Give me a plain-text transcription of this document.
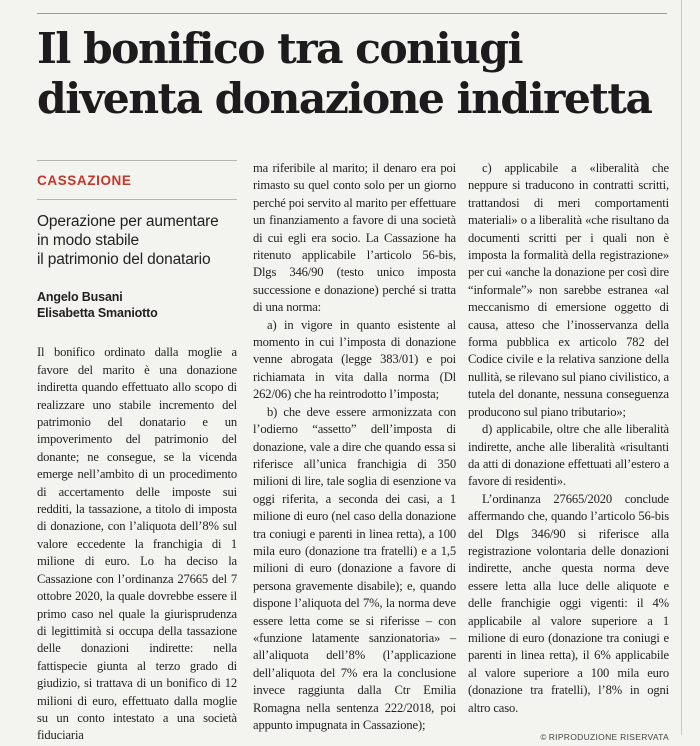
Il bonifico tra coniugi
diventa donazione indiretta
CASSAZIONE
Operazione per aumentare
in modo stabile
il patrimonio del donatario
Angelo Busani
Elisabetta Smaniotto

Il bonifico ordinato dalla moglie a favore del marito è una donazione indiretta quando effettuato allo scopo di realizzare uno stabile incremento del patrimonio del donatario e un impoverimento del patrimonio del donante; ne consegue, se la vicenda emerge nell’ambito di un procedimento di accertamento delle imposte sui redditi, la tassazione, a titolo di imposta di donazione, con l’aliquota dell’8% sul valore eccedente la franchigia di 1 milione di euro. Lo ha deciso la Cassazione con l’ordinanza 27665 del 7 ottobre 2020, la quale dovrebbe essere il primo caso nel quale la giurisprudenza di legittimità si occupa della tassazione delle donazioni indirette: nella fattispecie giunta al terzo grado di giudizio, si trattava di un bonifico di 12 milioni di euro, effettuato dalla moglie su un conto intestato a una società fiduciaria

ma riferibile al marito; il denaro era poi rimasto su quel conto solo per un giorno perché poi servito al marito per effettuare un finanziamento a favore di una società di cui egli era socio. La Cassazione ha ritenuto applicabile l’articolo 56-bis, Dlgs 346/90 (testo unico imposta successione e donazione) perché si tratta di una norma:

a) in vigore in quanto esistente al momento in cui l’imposta di donazione venne abrogata (legge 383/01) e poi richiamata in vita dalla norma (Dl 262/06) che ha reintrodotto l’imposta;

b) che deve essere armonizzata con l’odierno “assetto” dell’imposta di donazione, vale a dire che quando essa si riferisce all’unica franchigia di 350 milioni di lire, tale soglia di esenzione va oggi riferita, a seconda dei casi, a 1 milione di euro (nel caso della donazione tra coniugi e parenti in linea retta), a 100 mila euro (donazione tra fratelli) e a 1,5 milioni di euro (donazione a favore di persona gravemente disabile); e, quando dispone l’aliquota del 7%, la norma deve essere letta come se si riferisse – con «funzione latamente sanzionatoria» – all’aliquota dell’8% (l’applicazione dell’aliquota del 7% era la conclusione invece raggiunta dalla Ctr Emilia Romagna nella sentenza 222/2018, poi appunto impugnata in Cassazione);

c) applicabile a «liberalità che neppure si traducono in contratti scritti, trattandosi di meri comportamenti materiali» o a liberalità «che risultano da documenti scritti per i quali non è imposta la formalità della registrazione» per cui «anche la donazione per così dire “informale”» non sarebbe estranea «al meccanismo di emersione oggetto di causa, atteso che l’inosservanza della forma pubblica ex articolo 782 del Codice civile e la relativa sanzione della nullità, se rilevano sul piano civilistico, a tutela del donante, nessuna conseguenza producono sul piano tributario»;

d) applicabile, oltre che alle liberalità indirette, anche alle liberalità «risultanti da atti di donazione effettuati all’estero a favore di residenti».

L’ordinanza 27665/2020 conclude affermando che, quando l’articolo 56-bis del Dlgs 346/90 si riferisce alla registrazione volontaria delle donazioni indirette, anche questa norma deve essere letta alla luce delle aliquote e delle franchigie oggi vigenti: il 4% applicabile al valore superiore a 1 milione di euro (donazione tra coniugi e parenti in linea retta), il 6% applicabile al valore superiore a 100 mila euro (donazione tra fratelli), l’8% in ogni altro caso.

© RIPRODUZIONE RISERVATA
